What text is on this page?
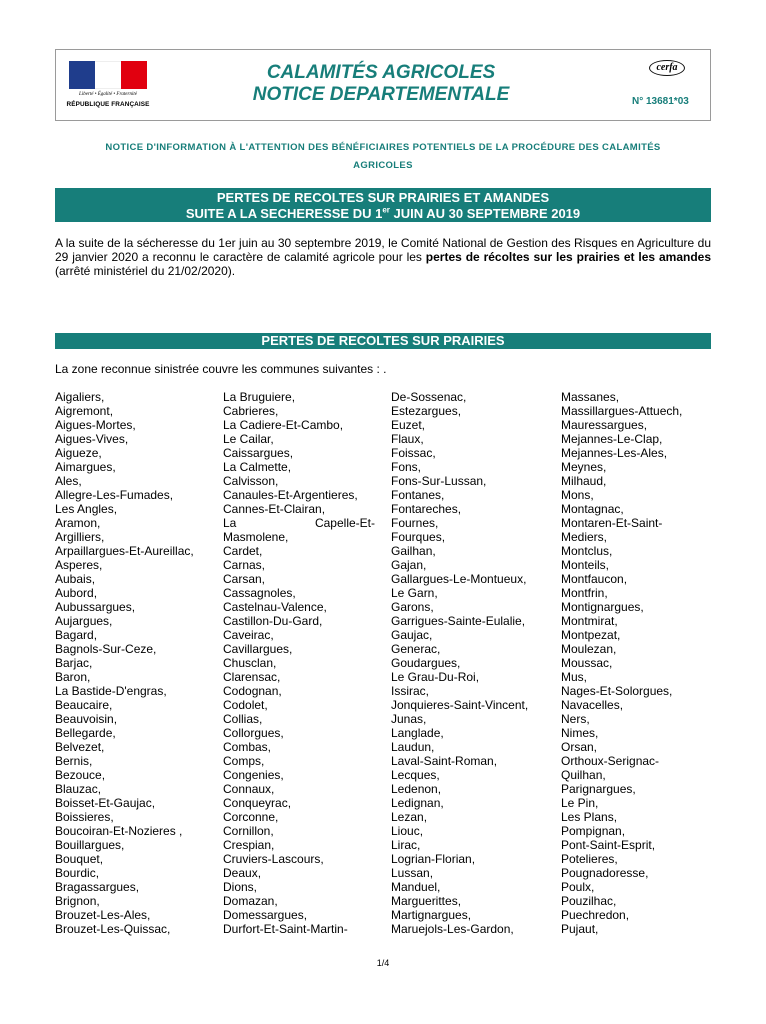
Liberté • Égalité • Fraternité
RÉPUBLIQUE FRANÇAISE
CALAMITÉS AGRICOLES
NOTICE DEPARTEMENTALE
cerfa
N° 13681*03
NOTICE D'INFORMATION À L'ATTENTION DES BÉNÉFICIAIRES POTENTIELS DE LA PROCÉDURE DES CALAMITÉS
AGRICOLES
PERTES DE RECOLTES SUR PRAIRIES ET AMANDES
SUITE A LA SECHERESSE DU 1er JUIN AU 30 SEPTEMBRE 2019
A la suite de la sécheresse du 1er juin au 30 septembre 2019, le Comité National de Gestion des Risques en Agriculture du 29 janvier 2020 a reconnu le caractère de calamité agricole pour les pertes de récoltes sur les prairies et les amandes (arrêté ministériel du 21/02/2020).
PERTES DE RECOLTES SUR PRAIRIES
La zone reconnue sinistrée couvre les communes suivantes : .
Aigaliers,
Aigremont,
Aigues-Mortes,
Aigues-Vives,
Aigueze,
Aimargues,
Ales,
Allegre-Les-Fumades,
Les Angles,
Aramon,
Argilliers,
Arpaillargues-Et-Aureillac,
Asperes,
Aubais,
Aubord,
Aubussargues,
Aujargues,
Bagard,
Bagnols-Sur-Ceze,
Barjac,
Baron,
La Bastide-D'engras,
Beaucaire,
Beauvoisin,
Bellegarde,
Belvezet,
Bernis,
Bezouce,
Blauzac,
Boisset-Et-Gaujac,
Boissieres,
Boucoiran-Et-Nozieres ,
Bouillargues,
Bouquet,
Bourdic,
Bragassargues,
Brignon,
Brouzet-Les-Ales,
Brouzet-Les-Quissac,
La Bruguiere,
Cabrieres,
La Cadiere-Et-Cambo,
Le Cailar,
Caissargues,
La Calmette,
Calvisson,
Canaules-Et-Argentieres,
Cannes-Et-Clairan,
La	Capelle-Et-
Masmolene,
Cardet,
Carnas,
Carsan,
Cassagnoles,
Castelnau-Valence,
Castillon-Du-Gard,
Caveirac,
Cavillargues,
Chusclan,
Clarensac,
Codognan,
Codolet,
Collias,
Collorgues,
Combas,
Comps,
Congenies,
Connaux,
Conqueyrac,
Corconne,
Cornillon,
Crespian,
Cruviers-Lascours,
Deaux,
Dions,
Domazan,
Domessargues,
Durfort-Et-Saint-Martin-
De-Sossenac,
Estezargues,
Euzet,
Flaux,
Foissac,
Fons,
Fons-Sur-Lussan,
Fontanes,
Fontareches,
Fournes,
Fourques,
Gailhan,
Gajan,
Gallargues-Le-Montueux,
Le Garn,
Garons,
Garrigues-Sainte-Eulalie,
Gaujac,
Generac,
Goudargues,
Le Grau-Du-Roi,
Issirac,
Jonquieres-Saint-Vincent,
Junas,
Langlade,
Laudun,
Laval-Saint-Roman,
Lecques,
Ledenon,
Ledignan,
Lezan,
Liouc,
Lirac,
Logrian-Florian,
Lussan,
Manduel,
Marguerittes,
Martignargues,
Maruejols-Les-Gardon,
Massanes,
Massillargues-Attuech,
Mauressargues,
Mejannes-Le-Clap,
Mejannes-Les-Ales,
Meynes,
Milhaud,
Mons,
Montagnac,
Montaren-Et-Saint-
Mediers,
Montclus,
Monteils,
Montfaucon,
Montfrin,
Montignargues,
Montmirat,
Montpezat,
Moulezan,
Moussac,
Mus,
Nages-Et-Solorgues,
Navacelles,
Ners,
Nimes,
Orsan,
Orthoux-Serignac-
Quilhan,
Parignargues,
Le Pin,
Les Plans,
Pompignan,
Pont-Saint-Esprit,
Potelieres,
Pougnadoresse,
Poulx,
Pouzilhac,
Puechredon,
Pujaut,
1/4
